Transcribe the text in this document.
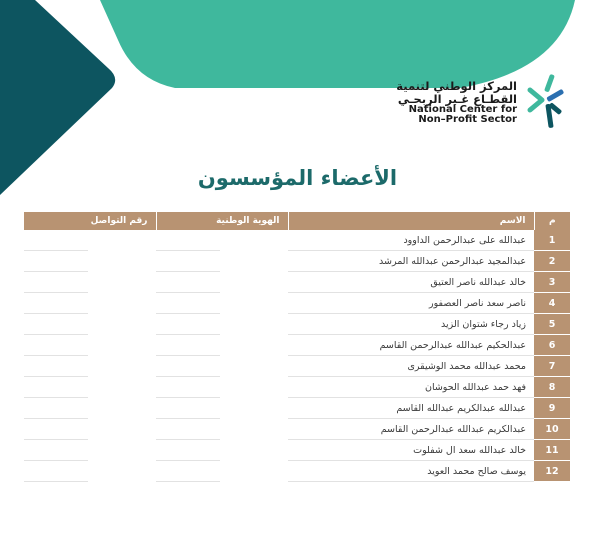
المركز الوطني لتنمية
القطـاع غـير الربحـي
National Center for
Non–Profit Sector
الأعضاء المؤسسون
م	الاسم	الهوية الوطنية	رقم التواصل
1	عبدالله على عبدالرحمن الداوود		
2	عبدالمجيد عبدالرحمن عبدالله المرشد		
3	خالد عبدالله ناصر العتيق		
4	ناصر سعد ناصر العصفور		
5	زياد رجاء شتوان الزيد		
6	عبدالحكيم عبدالله عبدالرحمن القاسم		
7	محمد عبدالله محمد الوشيقرى		
8	فهد حمد عبدالله الحوشان		
9	عبدالله عبدالكريم عبدالله القاسم		
10	عبدالكريم عبدالله عبدالرحمن القاسم		
11	خالد عبدالله سعد ال شفلوت		
12	يوسف صالح محمد العويد		
